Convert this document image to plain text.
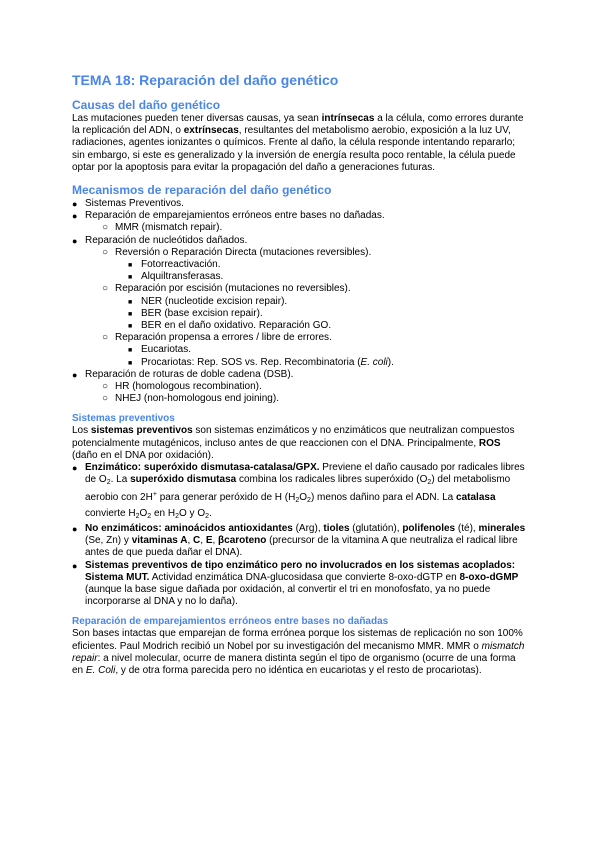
TEMA 18: Reparación del daño genético
Causas del daño genético

Las mutaciones pueden tener diversas causas, ya sean intrínsecas a la célula, como errores durante la replicación del ADN, o extrínsecas, resultantes del metabolismo aerobio, exposición a la luz UV, radiaciones, agentes ionizantes o químicos. Frente al daño, la célula responde intentando repararlo; sin embargo, si este es generalizado y la inversión de energía resulta poco rentable, la célula puede optar por la apoptosis para evitar la propagación del daño a generaciones futuras.

Mecanismos de reparación del daño genético
● Sistemas Preventivos.
● Reparación de emparejamientos erróneos entre bases no dañadas.
○ MMR (mismatch repair).
● Reparación de nucleótidos dañados.
○ Reversión o Reparación Directa (mutaciones reversibles).
■ Fotorreactivación.
■ Alquiltransferasas.
○ Reparación por escisión (mutaciones no reversibles).
■ NER (nucleotide excision repair).
■ BER (base excision repair).
■ BER en el daño oxidativo. Reparación GO.
○ Reparación propensa a errores / libre de errores.
■ Eucariotas.
■ Procariotas: Rep. SOS vs. Rep. Recombinatoria (E. coli).
● Reparación de roturas de doble cadena (DSB).
○ HR (homologous recombination).
○ NHEJ (non-homologous end joining).
Sistemas preventivos

Los sistemas preventivos son sistemas enzimáticos y no enzimáticos que neutralizan compuestos potencialmente mutagénicos, incluso antes de que reaccionen con el DNA. Principalmente, ROS (daño en el DNA por oxidación).

● Enzimático: superóxido dismutasa-catalasa/GPX. Previene el daño causado por radicales libres de $O_2$. La superóxido dismutasa combina los radicales libres superóxido $(O_2)$ del metabolismo aerobio con 2H+ para generar peróxido de H $(H_2O_2)$ menos dañino para el ADN. La catalasa convierte $H_2O_2$ en $H_2O$ y $O_2$.
● No enzimáticos: aminoácidos antioxidantes (Arg), tioles (glutatión), polifenoles (té), minerales (Se, Zn) y vitaminas A, C, E, βcaroteno (precursor de la vitamina A que neutraliza el radical libre antes de que pueda dañar el DNA).
● Sistemas preventivos de tipo enzimático pero no involucrados en los sistemas acoplados: Sistema MUT. Actividad enzimática DNA-glucosidasa que convierte 8-oxo-dGTP en 8-oxo-dGMP (aunque la base sigue dañada por oxidación, al convertir el tri en monofosfato, ya no puede incorporarse al DNA y no lo daña).
Reparación de emparejamientos erróneos entre bases no dañadas

Son bases intactas que emparejan de forma errónea porque los sistemas de replicación no son 100% eficientes. Paul Modrich recibió un Nobel por su investigación del mecanismo MMR. MMR o mismatch repair: a nivel molecular, ocurre de manera distinta según el tipo de organismo (ocurre de una forma en E. Coli, y de otra forma parecida pero no idéntica en eucariotas y el resto de procariotas).
